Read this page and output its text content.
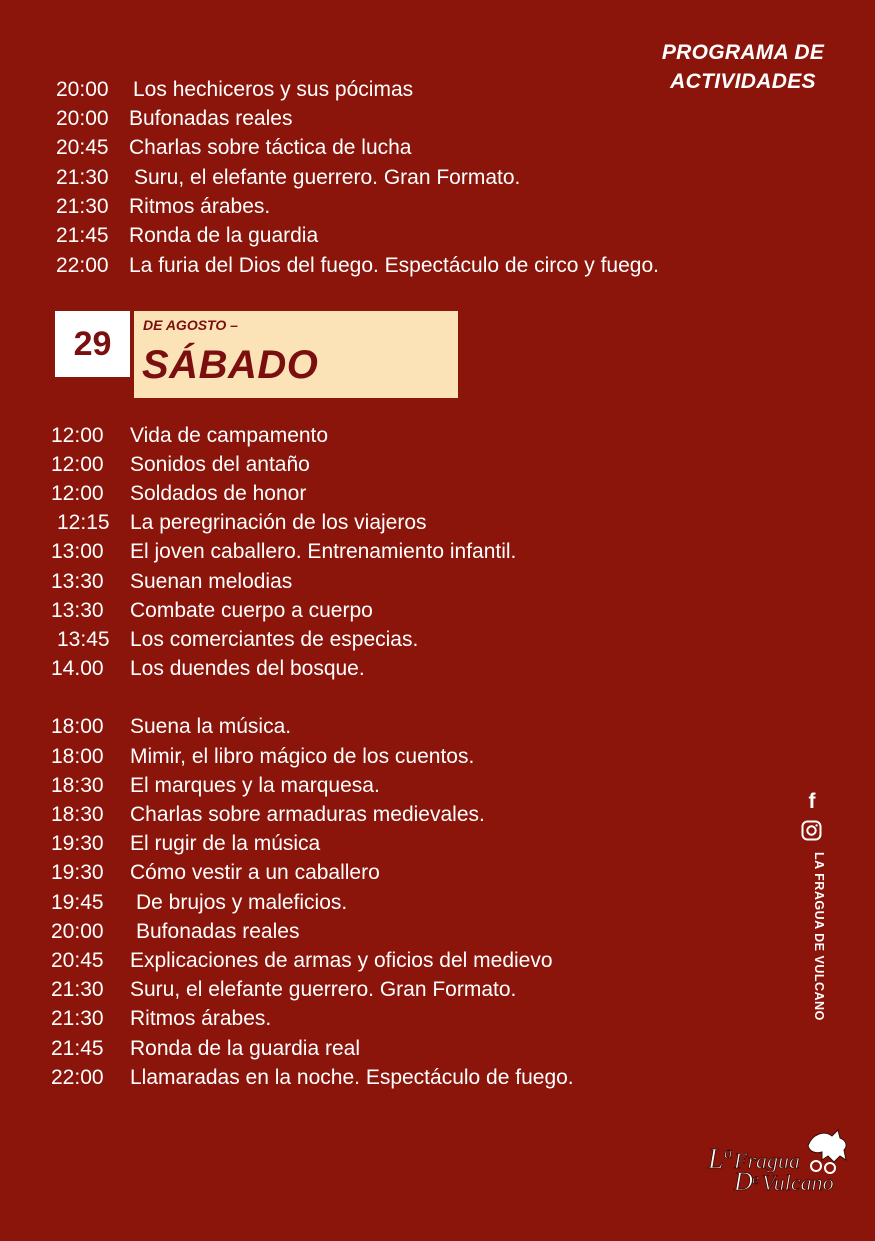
PROGRAMA DE
ACTIVIDADES
20:00 Los hechiceros y sus pócimas
20:00 Bufonadas reales
20:45 Charlas sobre táctica de lucha
21:30 Suru, el elefante guerrero. Gran Formato.
21:30 Ritmos árabes.
21:45 Ronda de la guardia
22:00 La furia del Dios del fuego. Espectáculo de circo y fuego.
29	DE AGOSTO –
SÁBADO
12:00 Vida de campamento
12:00 Sonidos del antaño
12:00 Soldados de honor
12:15 La peregrinación de los viajeros
13:00 El joven caballero. Entrenamiento infantil.
13:30 Suenan melodias
13:30 Combate cuerpo a cuerpo
13:45 Los comerciantes de especias.
14.00 Los duendes del bosque.
18:00 Suena la música.
18:00 Mimir, el libro mágico de los cuentos.
18:30 El marques y la marquesa.
18:30 Charlas sobre armaduras medievales.
19:30 El rugir de la música
19:30 Cómo vestir a un caballero
19:45 De brujos y maleficios.
20:00 Bufonadas reales
20:45 Explicaciones de armas y oficios del medievo
21:30 Suru, el elefante guerrero. Gran Formato.
21:30 Ritmos árabes.
21:45 Ronda de la guardia real
22:00 Llamaradas en la noche. Espectáculo de fuego.
f
LA FRAGUA DE VULCANO
L a Fragua
D e Vulcano
